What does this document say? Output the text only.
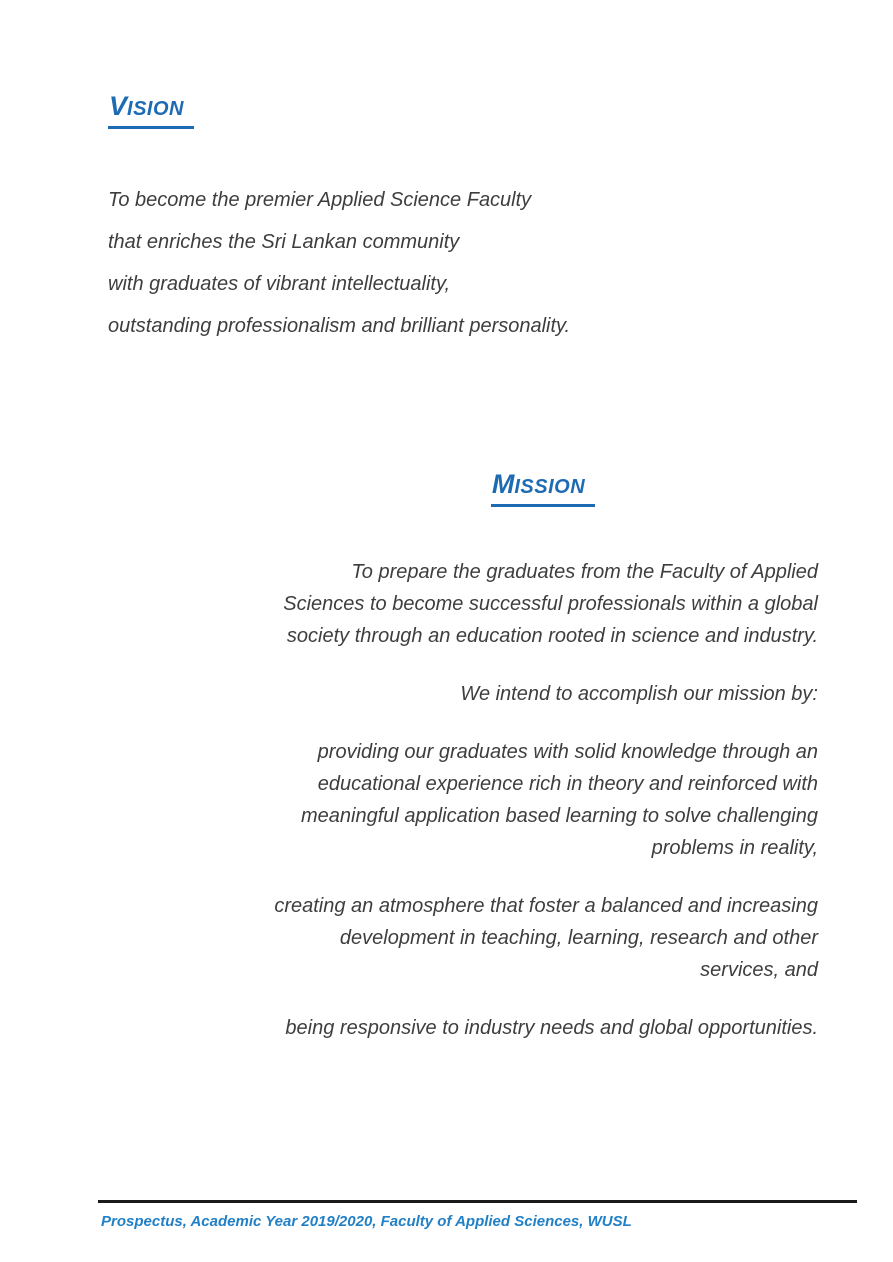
VISION
To become the premier Applied Science Faculty
that enriches the Sri Lankan community
with graduates of vibrant intellectuality,
outstanding professionalism and brilliant personality.
MISSION

To prepare the graduates from the Faculty of Applied Sciences to become successful professionals within a global society through an education rooted in science and industry.

We intend to accomplish our mission by:

providing our graduates with solid knowledge through an educational experience rich in theory and reinforced with meaningful application based learning to solve challenging problems in reality,

creating an atmosphere that foster a balanced and increasing development in teaching, learning, research and other services, and

being responsive to industry needs and global opportunities.

Prospectus, Academic Year 2019/2020, Faculty of Applied Sciences, WUSL
